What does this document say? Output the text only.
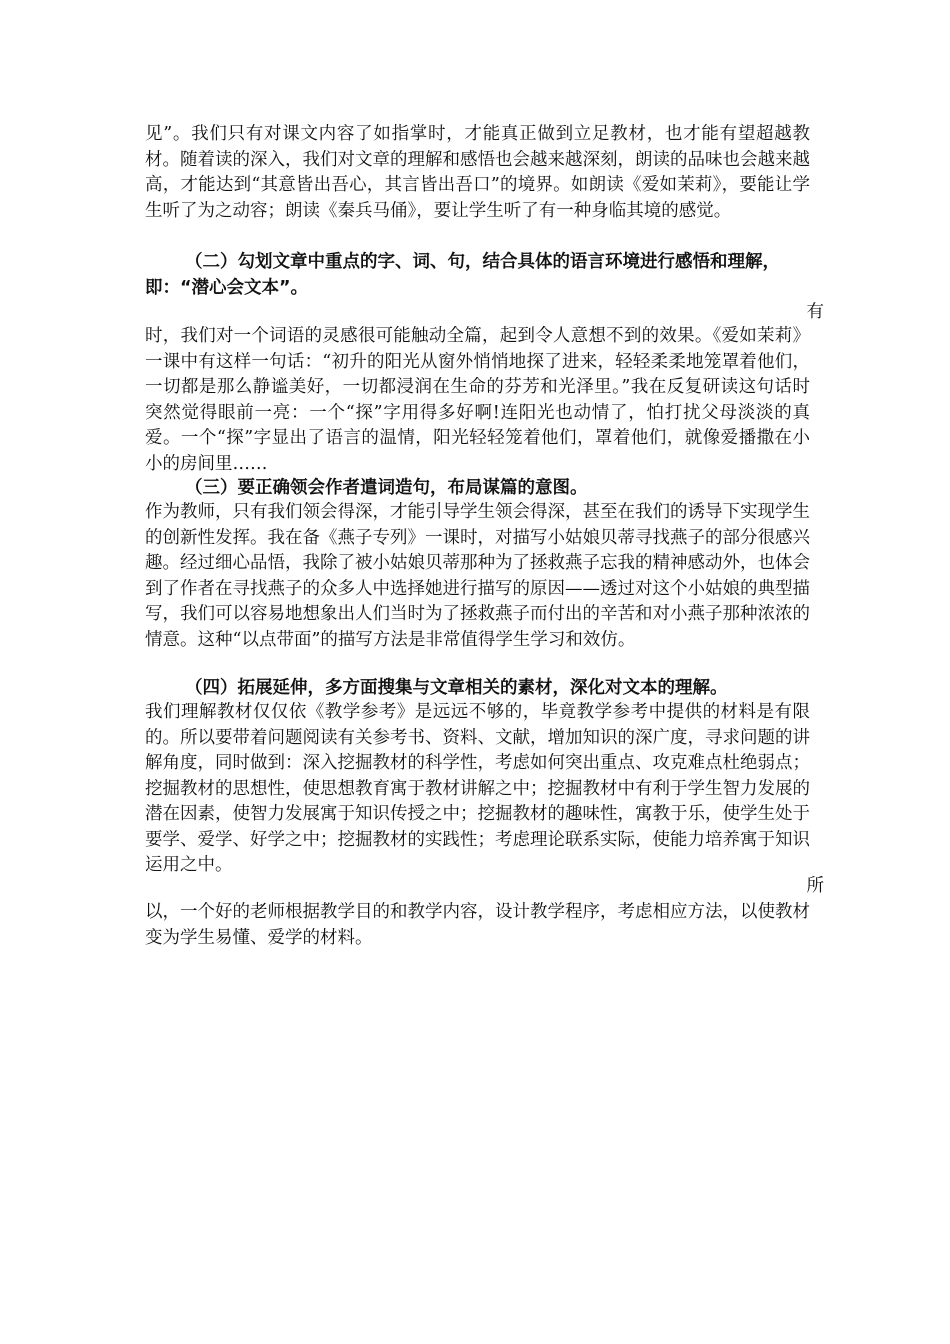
见”。我们只有对课文内容了如指掌时，才能真正做到立足教材，也才能有望超越教材。随着读的深入，我们对文章的理解和感悟也会越来越深刻，朗读的品味也会越来越高，才能达到“其意皆出吾心，其言皆出吾口”的境界。如朗读《爱如茉莉》，要能让学生听了为之动容；朗读《秦兵马俑》，要让学生听了有一种身临其境的感觉。
（二）勾划文章中重点的字、词、句，结合具体的语言环境进行感悟和理解，即：“潜心会文本”。
有
时，我们对一个词语的灵感很可能触动全篇，起到令人意想不到的效果。《爱如茉莉》一课中有这样一句话：“初升的阳光从窗外悄悄地探了进来，轻轻柔柔地笼罩着他们，一切都是那么静谧美好，一切都浸润在生命的芬芳和光泽里。”我在反复研读这句话时突然觉得眼前一亮：一个“探”字用得多好啊!连阳光也动情了，怕打扰父母淡淡的真爱。一个“探”字显出了语言的温情，阳光轻轻笼着他们，罩着他们，就像爱播撒在小小的房间里……
（三）要正确领会作者遣词造句，布局谋篇的意图。
作为教师，只有我们领会得深，才能引导学生领会得深，甚至在我们的诱导下实现学生的创新性发挥。我在备《燕子专列》一课时，对描写小姑娘贝蒂寻找燕子的部分很感兴趣。经过细心品悟，我除了被小姑娘贝蒂那种为了拯救燕子忘我的精神感动外，也体会到了作者在寻找燕子的众多人中选择她进行描写的原因——透过对这个小姑娘的典型描写，我们可以容易地想象出人们当时为了拯救燕子而付出的辛苦和对小燕子那种浓浓的情意。这种“以点带面”的描写方法是非常值得学生学习和效仿。
（四）拓展延伸，多方面搜集与文章相关的素材，深化对文本的理解。
我们理解教材仅仅依《教学参考》是远远不够的，毕竟教学参考中提供的材料是有限的。所以要带着问题阅读有关参考书、资料、文献，增加知识的深广度，寻求问题的讲解角度，同时做到：深入挖掘教材的科学性，考虑如何突出重点、攻克难点杜绝弱点；挖掘教材的思想性，使思想教育寓于教材讲解之中；挖掘教材中有利于学生智力发展的潜在因素，使智力发展寓于知识传授之中；挖掘教材的趣味性，寓教于乐，使学生处于要学、爱学、好学之中；挖掘教材的实践性；考虑理论联系实际，使能力培养寓于知识运用之中。
所
以，一个好的老师根据教学目的和教学内容，设计教学程序，考虑相应方法，以使教材变为学生易懂、爱学的材料。
